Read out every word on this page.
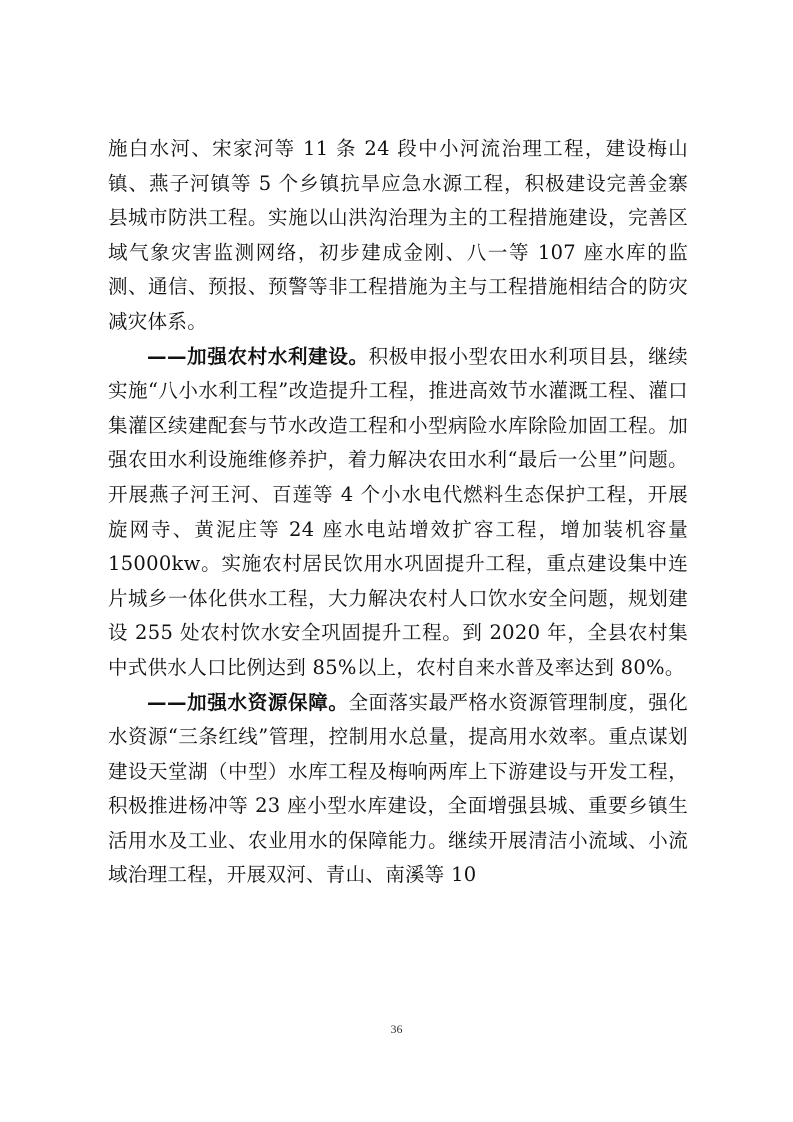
施白水河、宋家河等 11 条 24 段中小河流治理工程，建设梅山镇、燕子河镇等 5 个乡镇抗旱应急水源工程，积极建设完善金寨县城市防洪工程。实施以山洪沟治理为主的工程措施建设，完善区域气象灾害监测网络，初步建成金刚、八一等 107 座水库的监测、通信、预报、预警等非工程措施为主与工程措施相结合的防灾减灾体系。

——加强农村水利建设。积极申报小型农田水利项目县，继续实施“八小水利工程”改造提升工程，推进高效节水灌溉工程、灌口集灌区续建配套与节水改造工程和小型病险水库除险加固工程。加强农田水利设施维修养护，着力解决农田水利“最后一公里”问题。开展燕子河王河、百莲等 4 个小水电代燃料生态保护工程，开展旋网寺、黄泥庄等 24 座水电站增效扩容工程，增加装机容量 15000kw。实施农村居民饮用水巩固提升工程，重点建设集中连片城乡一体化供水工程，大力解决农村人口饮水安全问题，规划建设 255 处农村饮水安全巩固提升工程。到 2020 年，全县农村集中式供水人口比例达到 85%以上，农村自来水普及率达到 80%。

——加强水资源保障。全面落实最严格水资源管理制度，强化水资源“三条红线”管理，控制用水总量，提高用水效率。重点谋划建设天堂湖（中型）水库工程及梅响两库上下游建设与开发工程，积极推进杨冲等 23 座小型水库建设，全面增强县城、重要乡镇生活用水及工业、农业用水的保障能力。继续开展清洁小流域、小流域治理工程，开展双河、青山、南溪等 10

36
